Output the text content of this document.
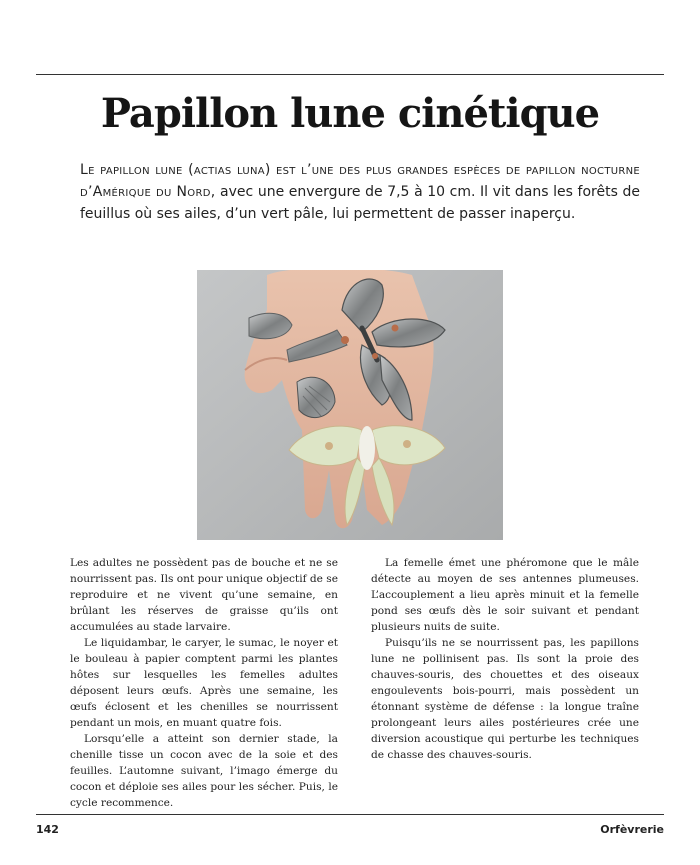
Papillon lune cinétique

Le papillon lune (actias luna) est l’une des plus grandes espèces de papillon nocturne d’Amérique du Nord, avec une envergure de 7,5 à 10 cm. Il vit dans les forêts de feuillus où ses ailes, d’un vert pâle, lui permettent de passer inaperçu.

Les adultes ne possèdent pas de bouche et ne se nourrissent pas. Ils ont pour unique objectif de se reproduire et ne vivent qu’une semaine, en brûlant les réserves de graisse qu’ils ont accumulées au stade larvaire.

Le liquidambar, le caryer, le sumac, le noyer et le bouleau à papier comptent parmi les plantes hôtes sur lesquelles les femelles adultes déposent leurs œufs. Après une semaine, les œufs éclosent et les chenilles se nourrissent pendant un mois, en muant quatre fois.

Lorsqu’elle a atteint son dernier stade, la chenille tisse un cocon avec de la soie et des feuilles. L’automne suivant, l’imago émerge du cocon et déploie ses ailes pour les sécher. Puis, le cycle recommence.

La femelle émet une phéromone que le mâle détecte au moyen de ses antennes plumeuses. L’accouplement a lieu après minuit et la femelle pond ses œufs dès le soir suivant et pendant plusieurs nuits de suite.

Puisqu’ils ne se nourrissent pas, les papillons lune ne pollinisent pas. Ils sont la proie des chauves-souris, des chouettes et des oiseaux engoulevents bois-pourri, mais possèdent un étonnant système de défense : la longue traîne prolongeant leurs ailes postérieures crée une diversion acoustique qui perturbe les techniques de chasse des chauves-souris.

142	Orfèvrerie
